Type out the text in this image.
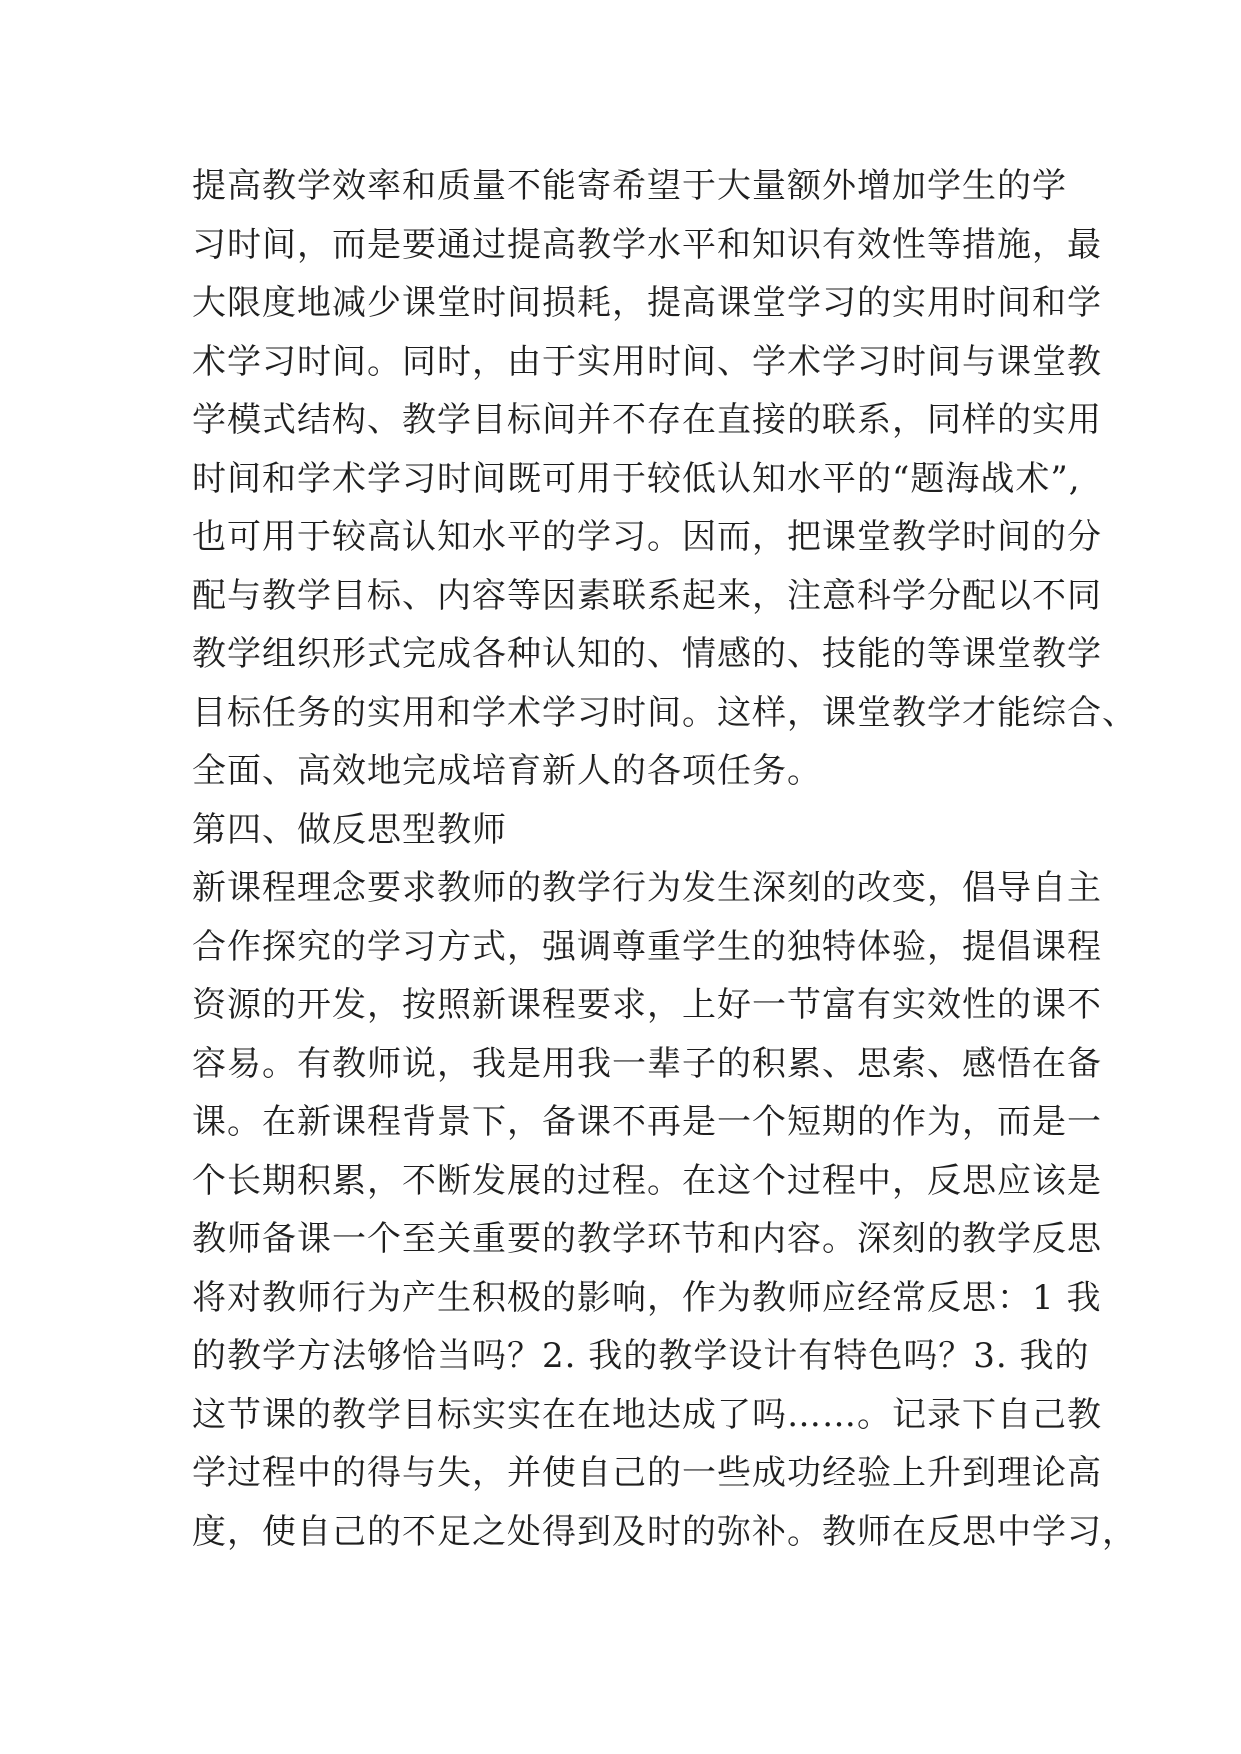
提高教学效率和质量不能寄希望于大量额外增加学生的学
习时间，而是要通过提高教学水平和知识有效性等措施，最
大限度地减少课堂时间损耗，提高课堂学习的实用时间和学
术学习时间。同时，由于实用时间、学术学习时间与课堂教
学模式结构、教学目标间并不存在直接的联系，同样的实用
时间和学术学习时间既可用于较低认知水平的“题海战术”,
也可用于较高认知水平的学习。因而，把课堂教学时间的分
配与教学目标、内容等因素联系起来，注意科学分配以不同
教学组织形式完成各种认知的、情感的、技能的等课堂教学
目标任务的实用和学术学习时间。这样，课堂教学才能综合、
全面、高效地完成培育新人的各项任务。
第四、做反思型教师
新课程理念要求教师的教学行为发生深刻的改变，倡导自主
合作探究的学习方式，强调尊重学生的独特体验，提倡课程
资源的开发，按照新课程要求，上好一节富有实效性的课不
容易。有教师说，我是用我一辈子的积累、思索、感悟在备
课。在新课程背景下，备课不再是一个短期的作为，而是一
个长期积累，不断发展的过程。在这个过程中，反思应该是
教师备课一个至关重要的教学环节和内容。深刻的教学反思
将对教师行为产生积极的影响，作为教师应经常反思：1 我
的教学方法够恰当吗？2. 我的教学设计有特色吗？3. 我的
这节课的教学目标实实在在地达成了吗……。记录下自己教
学过程中的得与失，并使自己的一些成功经验上升到理论高
度，使自己的不足之处得到及时的弥补。教师在反思中学习，
